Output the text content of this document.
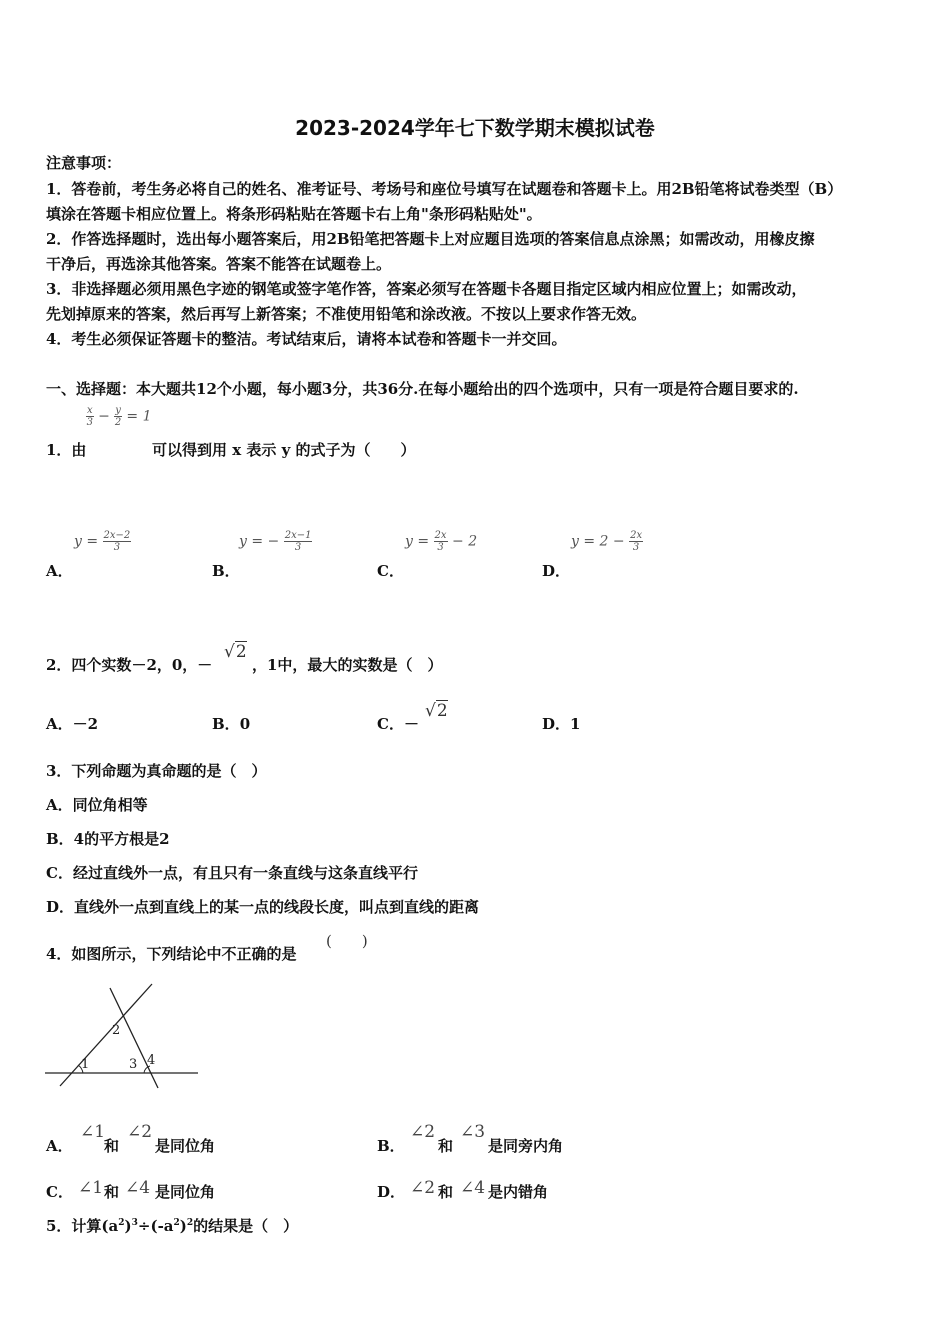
2023-2024学年七下数学期末模拟试卷
注意事项：
1．答卷前，考生务必将自己的姓名、准考证号、考场号和座位号填写在试题卷和答题卡上。用2B铅笔将试卷类型（B）
填涂在答题卡相应位置上。将条形码粘贴在答题卡右上角"条形码粘贴处"。
2．作答选择题时，选出每小题答案后，用2B铅笔把答题卡上对应题目选项的答案信息点涂黑；如需改动，用橡皮擦
干净后，再选涂其他答案。答案不能答在试题卷上。
3．非选择题必须用黑色字迹的钢笔或签字笔作答，答案必须写在答题卡各题目指定区域内相应位置上；如需改动，
先划掉原来的答案，然后再写上新答案；不准使用铅笔和涂改液。不按以上要求作答无效。
4．考生必须保证答题卡的整洁。考试结束后，请将本试卷和答题卡一并交回。
一、选择题：本大题共12个小题，每小题3分，共36分.在每小题给出的四个选项中，只有一项是符合题目要求的.
$\frac{x}{3} - \frac{y}{2} = 1$
1．由	可以得到用 x 表示 y 的式子为（　　）
$y = \frac{2x-2}{3}$	y = − $\frac{2x-1}{3}$	$y = \frac{2x}{3} - 2$	$y = 2 - \frac{2x}{3}$
A．	B．	C．	D．
2．四个实数－2，0，－
√2
，1中，最大的实数是（　）
A．－2	B．0	C．－
√2
D．1
3．下列命题为真命题的是（　）
A．同位角相等
B．4的平方根是2
C．经过直线外一点，有且只有一条直线与这条直线平行
D．直线外一点到直线上的某一点的线段长度，叫点到直线的距离
4．如图所示，下列结论中不正确的是
(　　)
1
2
3 4
A．
∠1
和
∠2
是同位角	B．
∠2
和
∠3
是同旁内角
C． ∠1 和 ∠4 是同位角	D． ∠2 和 ∠4 是内错角
5．计算$(a^2)^3\div(-a^2)^2$的结果是（　）
